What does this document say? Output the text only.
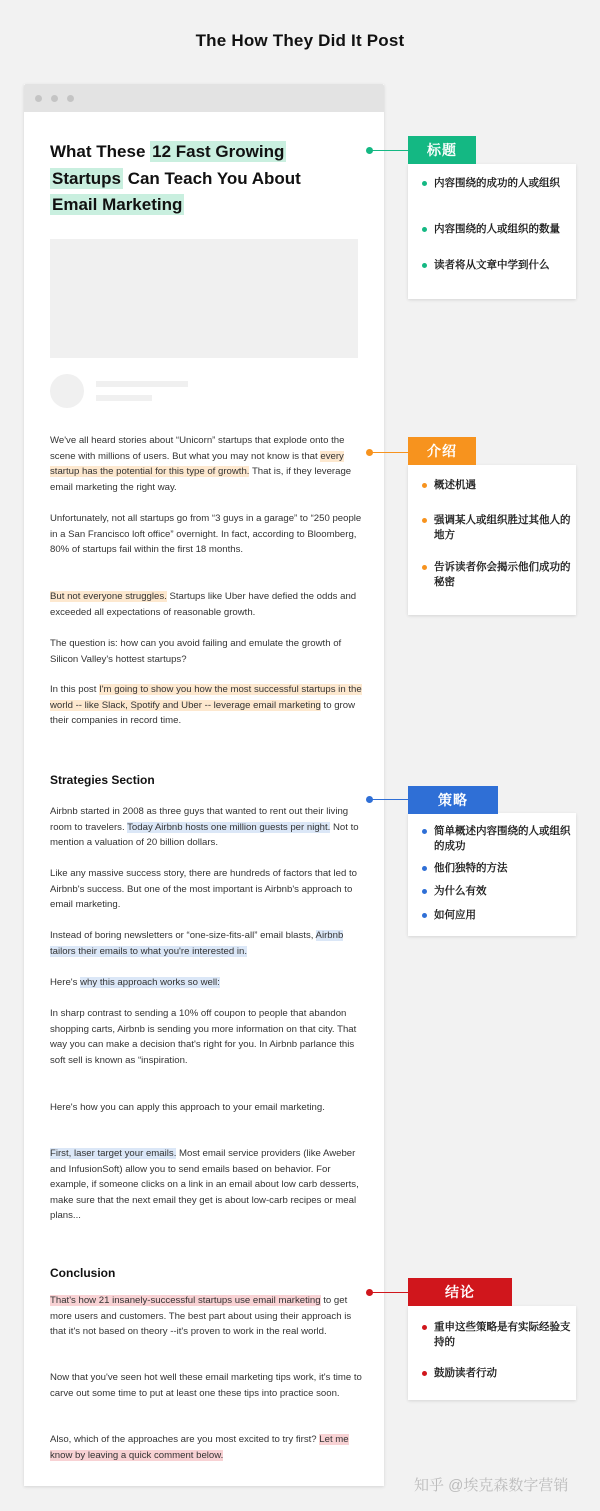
The How They Did It Post
What These 12 Fast Growing
Startups Can Teach You About
Email Marketing
We've all heard stories about “Unicorn” startups that explode onto the scene with millions of users. But what you may not know is that every startup has the potential for this type of growth. That is, if they leverage email marketing the right way.
Unfortunately, not all startups go from “3 guys in a garage” to “250 people in a San Francisco loft office” overnight. In fact, according to Bloomberg, 80% of startups fail within the first 18 months.
But not everyone struggles. Startups like Uber have defied the odds and exceeded all expectations of reasonable growth.
The question is: how can you avoid failing and emulate the growth of Silicon Valley's hottest startups?
In this post I'm going to show you how the most successful startups in the world -- like Slack, Spotify and Uber -- leverage email marketing to grow their companies in record time.
Strategies Section
Airbnb started in 2008 as three guys that wanted to rent out their living room to travelers. Today Airbnb hosts one million guests per night. Not to mention a valuation of 20 billion dollars.
Like any massive success story, there are hundreds of factors that led to Airbnb's success. But one of the most important is Airbnb's approach to email marketing.
Instead of boring newsletters or “one-size-fits-all” email blasts, Airbnb tailors their emails to what you're interested in.
Here's why this approach works so well:
In sharp contrast to sending a 10% off coupon to people that abandon shopping carts, Airbnb is sending you more information on that city. That way you can make a decision that's right for you. In Airbnb parlance this soft sell is known as “inspiration.
Here's how you can apply this approach to your email marketing.
First, laser target your emails. Most email service providers (like Aweber and InfusionSoft) allow you to send emails based on behavior. For example, if someone clicks on a link in an email about low carb desserts, make sure that the next email they get is about low-carb recipes or meal plans...
Conclusion
That's how 21 insanely-successful startups use email marketing to get more users and customers. The best part about using their approach is that it's not based on theory --it's proven to work in the real world.
Now that you've seen hot well these email marketing tips work, it's time to carve out some time to put at least one these tips into practice soon.
Also, which of the approaches are you most excited to try first? Let me know by leaving a quick comment below.
内容围绕的成功的人或组织
内容围绕的人或组织的数量
读者将从文章中学到什么
标题
概述机遇
强调某人或组织胜过其他人的地方
告诉读者你会揭示他们成功的秘密
介绍
简单概述内容围绕的人或组织的成功
他们独特的方法
为什么有效
如何应用
策略
重申这些策略是有实际经验支持的
鼓励读者行动
结论
知乎 @埃克森数字营销
